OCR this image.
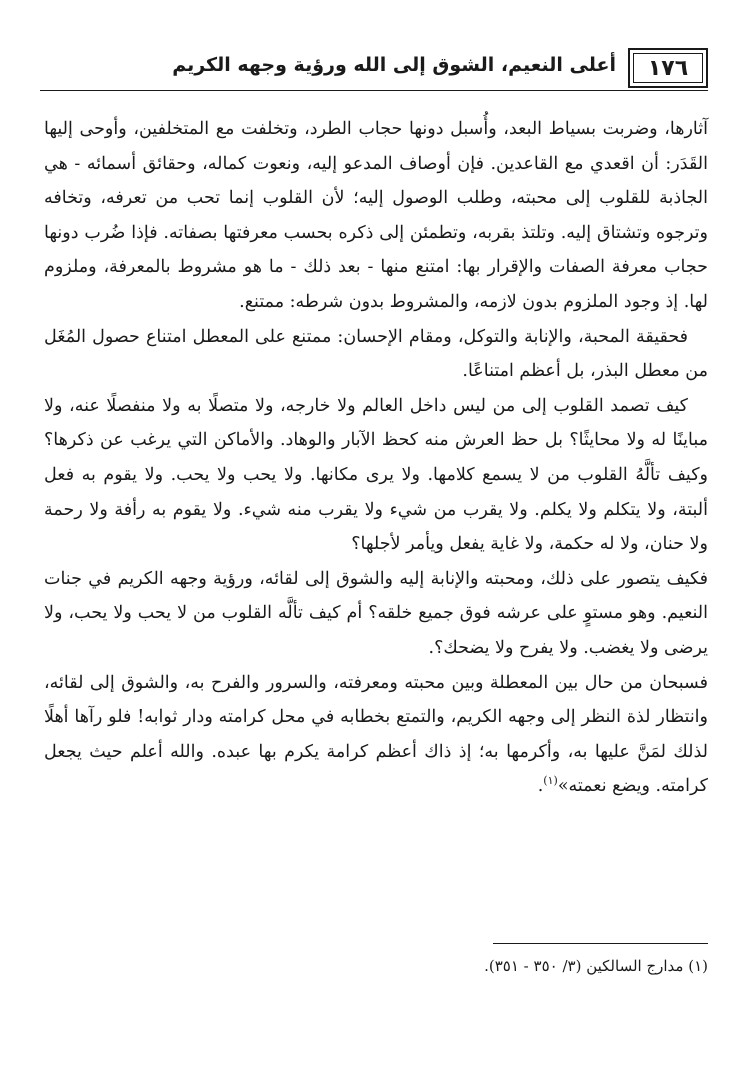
١٧٦
أعلى النعيم، الشوق إلى الله ورؤية وجهه الكريم

آثارها، وضربت بسياط البعد، وأُسبل دونها حجاب الطرد، وتخلفت مع المتخلفين، وأوحى إليها القَدَر: أن اقعدي مع القاعدين. فإن أوصاف المدعو إليه، ونعوت كماله، وحقائق أسمائه - هي الجاذبة للقلوب إلى محبته، وطلب الوصول إليه؛ لأن القلوب إنما تحب من تعرفه، وتخافه وترجوه وتشتاق إليه. وتلتذ بقربه، وتطمئن إلى ذكره بحسب معرفتها بصفاته. فإذا ضُرب دونها حجاب معرفة الصفات والإقرار بها: امتنع منها - بعد ذلك - ما هو مشروط بالمعرفة، وملزوم لها. إذ وجود الملزوم بدون لازمه، والمشروط بدون شرطه: ممتنع.

فحقيقة المحبة، والإنابة والتوكل، ومقام الإحسان: ممتنع على المعطل امتناع حصول المُغَل من معطل البذر، بل أعظم امتناعًا.

كيف تصمد القلوب إلى من ليس داخل العالم ولا خارجه، ولا متصلًا به ولا منفصلًا عنه، ولا مباينًا له ولا محايثًا؟ بل حظ العرش منه كحظ الآبار والوهاد. والأماكن التي يرغب عن ذكرها؟ وكيف تألَّهُ القلوب من لا يسمع كلامها. ولا يرى مكانها. ولا يحب ولا يحب. ولا يقوم به فعل ألبتة، ولا يتكلم ولا يكلم. ولا يقرب من شيء ولا يقرب منه شيء. ولا يقوم به رأفة ولا رحمة ولا حنان، ولا له حكمة، ولا غاية يفعل ويأمر لأجلها؟

فكيف يتصور على ذلك، ومحبته والإنابة إليه والشوق إلى لقائه، ورؤية وجهه الكريم في جنات النعيم. وهو مستوٍ على عرشه فوق جميع خلقه؟ أم كيف تألَّه القلوب من لا يحب ولا يحب، ولا يرضى ولا يغضب. ولا يفرح ولا يضحك؟.

فسبحان من حال بين المعطلة وبين محبته ومعرفته، والسرور والفرح به، والشوق إلى لقائه، وانتظار لذة النظر إلى وجهه الكريم، والتمتع بخطابه في محل كرامته ودار ثوابه! فلو رآها أهلًا لذلك لمَنَّ عليها به، وأكرمها به؛ إذ ذاك أعظم كرامة يكرم بها عبده. والله أعلم حيث يجعل كرامته. ويضع نعمته»$^{(١)}$.

(١) مدارج السالكين (٣/ ٣٥٠ - ٣٥١).
